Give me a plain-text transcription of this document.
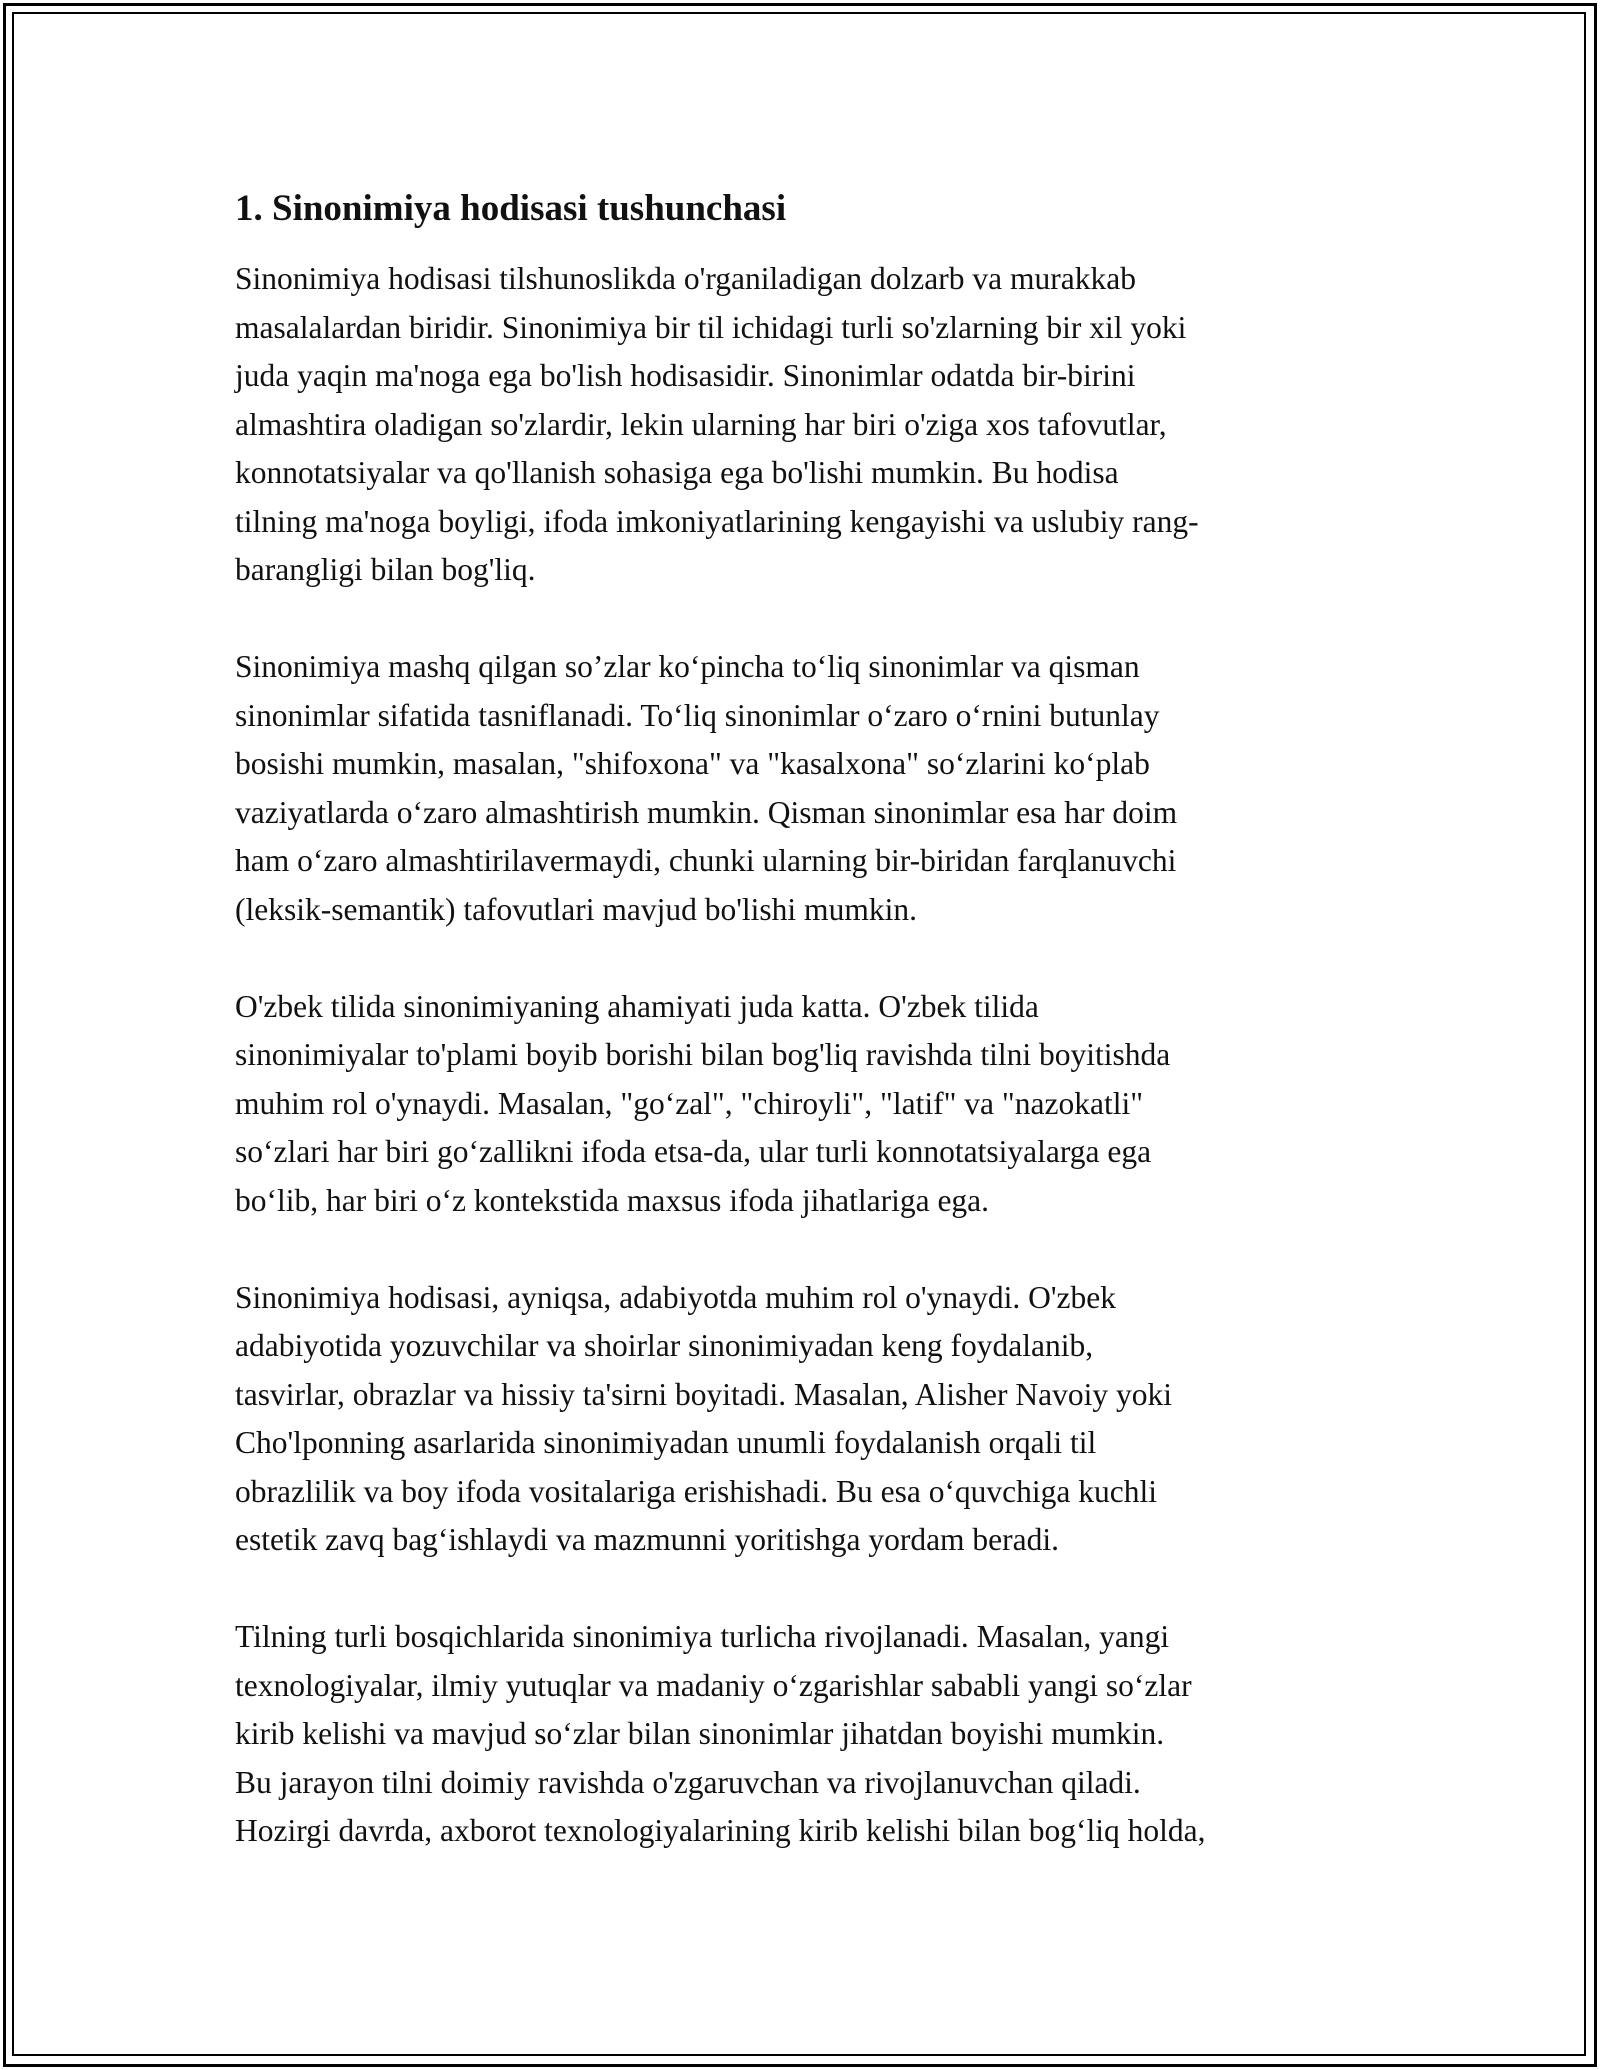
1. Sinonimiya hodisasi tushunchasi

Sinonimiya hodisasi tilshunoslikda o'rganiladigan dolzarb va murakkab
masalalardan biridir. Sinonimiya bir til ichidagi turli so'zlarning bir xil yoki
juda yaqin ma'noga ega bo'lish hodisasidir. Sinonimlar odatda bir-birini
almashtira oladigan so'zlardir, lekin ularning har biri o'ziga xos tafovutlar,
konnotatsiyalar va qo'llanish sohasiga ega bo'lishi mumkin. Bu hodisa
tilning ma'noga boyligi, ifoda imkoniyatlarining kengayishi va uslubiy rang-
barangligi bilan bog'liq.

Sinonimiya mashq qilgan so’zlar ko‘pincha to‘liq sinonimlar va qisman
sinonimlar sifatida tasniflanadi. To‘liq sinonimlar o‘zaro o‘rnini butunlay
bosishi mumkin, masalan, "shifoxona" va "kasalxona" so‘zlarini ko‘plab
vaziyatlarda o‘zaro almashtirish mumkin. Qisman sinonimlar esa har doim
ham o‘zaro almashtirilavermaydi, chunki ularning bir-biridan farqlanuvchi
(leksik-semantik) tafovutlari mavjud bo'lishi mumkin.

O'zbek tilida sinonimiyaning ahamiyati juda katta. O'zbek tilida
sinonimiyalar to'plami boyib borishi bilan bog'liq ravishda tilni boyitishda
muhim rol o'ynaydi. Masalan, "go‘zal", "chiroyli", "latif" va "nazokatli"
so‘zlari har biri go‘zallikni ifoda etsa-da, ular turli konnotatsiyalarga ega
bo‘lib, har biri o‘z kontekstida maxsus ifoda jihatlariga ega.

Sinonimiya hodisasi, ayniqsa, adabiyotda muhim rol o'ynaydi. O'zbek
adabiyotida yozuvchilar va shoirlar sinonimiyadan keng foydalanib,
tasvirlar, obrazlar va hissiy ta'sirni boyitadi. Masalan, Alisher Navoiy yoki
Cho'lponning asarlarida sinonimiyadan unumli foydalanish orqali til
obrazlilik va boy ifoda vositalariga erishishadi. Bu esa o‘quvchiga kuchli
estetik zavq bag‘ishlaydi va mazmunni yoritishga yordam beradi.

Tilning turli bosqichlarida sinonimiya turlicha rivojlanadi. Masalan, yangi
texnologiyalar, ilmiy yutuqlar va madaniy o‘zgarishlar sababli yangi so‘zlar
kirib kelishi va mavjud so‘zlar bilan sinonimlar jihatdan boyishi mumkin.
Bu jarayon tilni doimiy ravishda o'zgaruvchan va rivojlanuvchan qiladi.
Hozirgi davrda, axborot texnologiyalarining kirib kelishi bilan bog‘liq holda,
